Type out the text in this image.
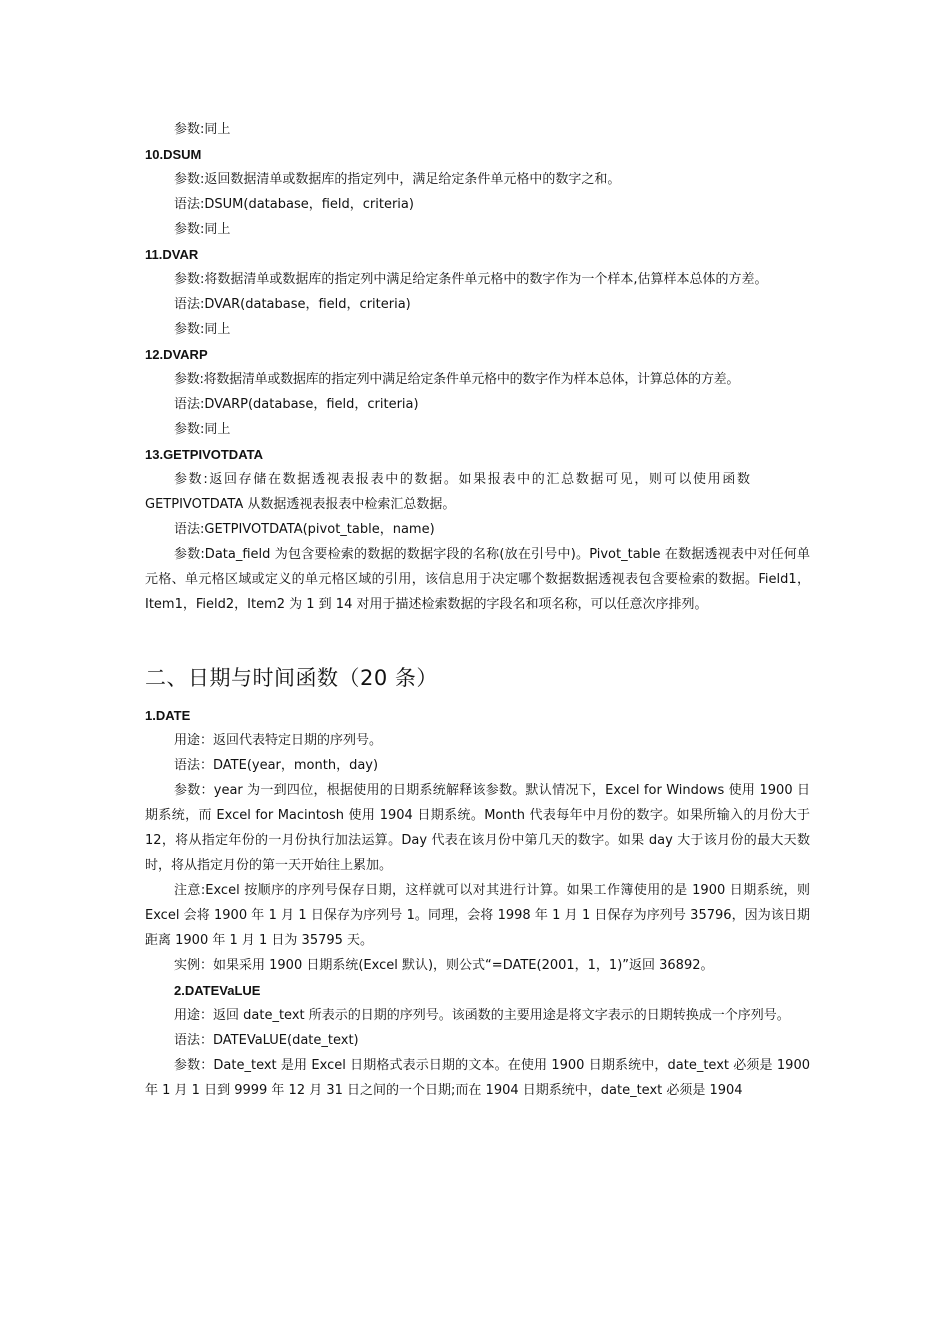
参数:同上
10.DSUM
参数:返回数据清单或数据库的指定列中，满足给定条件单元格中的数字之和。
语法:DSUM(database，field，criteria)
参数:同上
11.DVAR
参数:将数据清单或数据库的指定列中满足给定条件单元格中的数字作为一个样本,估算样本总体的方差。
语法:DVAR(database，field，criteria)
参数:同上
12.DVARP
参数:将数据清单或数据库的指定列中满足给定条件单元格中的数字作为样本总体，计算总体的方差。
语法:DVARP(database，field，criteria)
参数:同上
13.GETPIVOTDATA
参数:返回存储在数据透视表报表中的数据。如果报表中的汇总数据可见，则可以使用函数GETPIVOTDATA 从数据透视表报表中检索汇总数据。
语法:GETPIVOTDATA(pivot_table，name)
参数:Data_field 为包含要检索的数据的数据字段的名称(放在引号中)。Pivot_table 在数据透视表中对任何单元格、单元格区域或定义的单元格区域的引用，该信息用于决定哪个数据数据透视表包含要检索的数据。Field1，Item1，Field2，Item2 为 1 到 14 对用于描述检索数据的字段名和项名称，可以任意次序排列。
二、日期与时间函数（20 条）
1.DATE
用途：返回代表特定日期的序列号。
语法：DATE(year，month，day)
参数：year 为一到四位，根据使用的日期系统解释该参数。默认情况下，Excel for Windows 使用 1900 日期系统，而 Excel for Macintosh 使用 1904 日期系统。Month 代表每年中月份的数字。如果所输入的月份大于 12，将从指定年份的一月份执行加法运算。Day 代表在该月份中第几天的数字。如果 day 大于该月份的最大天数时，将从指定月份的第一天开始往上累加。
注意:Excel 按顺序的序列号保存日期，这样就可以对其进行计算。如果工作簿使用的是 1900 日期系统，则 Excel 会将 1900 年 1 月 1 日保存为序列号 1。同理，会将 1998 年 1 月 1 日保存为序列号 35796，因为该日期距离 1900 年 1 月 1 日为 35795 天。
实例：如果采用 1900 日期系统(Excel 默认)，则公式“=DATE(2001，1，1)”返回 36892。
2.DATEVaLUE
用途：返回 date_text 所表示的日期的序列号。该函数的主要用途是将文字表示的日期转换成一个序列号。
语法：DATEVaLUE(date_text)
参数：Date_text 是用 Excel 日期格式表示日期的文本。在使用 1900 日期系统中，date_text 必须是 1900 年 1 月 1 日到 9999 年 12 月 31 日之间的一个日期;而在 1904 日期系统中，date_text 必须是 1904
